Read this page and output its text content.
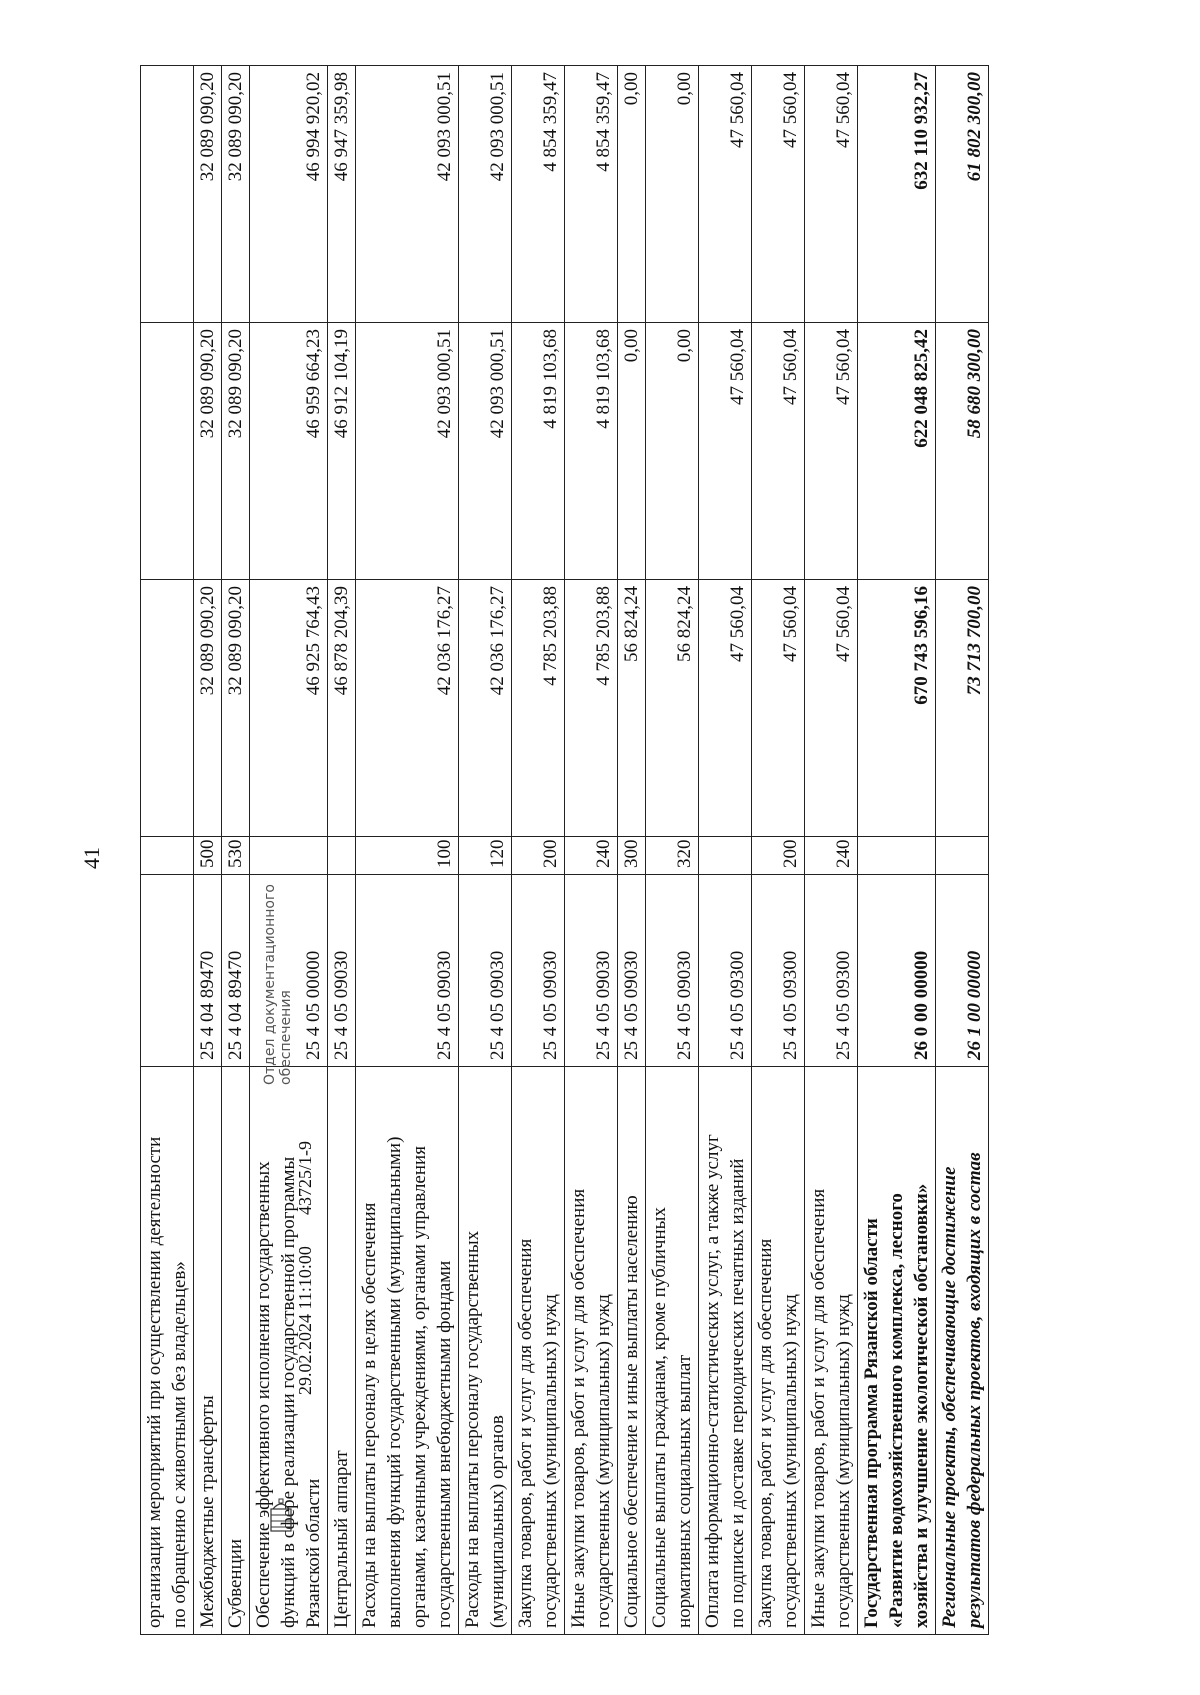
41
организации мероприятий при осуществлении деятельности
по обращению с животными без владельцев»					
Межбюджетные трансферты	25 4 04 89470	500	32 089 090,20	32 089 090,20	32 089 090,20
Субвенции	25 4 04 89470	530	32 089 090,20	32 089 090,20	32 089 090,20
Обеспечение эффективного исполнения государственных
функций в сфере реализации государственной программы
Рязанской области	25 4 05 00000		46 925 764,43	46 959 664,23	46 994 920,02
Центральный аппарат	25 4 05 09030		46 878 204,39	46 912 104,19	46 947 359,98
Расходы на выплаты персоналу в целях обеспечения
выполнения функций государственными (муниципальными)
органами, казенными учреждениями, органами управления
государственными внебюджетными фондами	25 4 05 09030	100	42 036 176,27	42 093 000,51	42 093 000,51
Расходы на выплаты персоналу государственных
(муниципальных) органов	25 4 05 09030	120	42 036 176,27	42 093 000,51	42 093 000,51
Закупка товаров, работ и услуг для обеспечения
государственных (муниципальных) нужд	25 4 05 09030	200	4 785 203,88	4 819 103,68	4 854 359,47
Иные закупки товаров, работ и услуг для обеспечения
государственных (муниципальных) нужд	25 4 05 09030	240	4 785 203,88	4 819 103,68	4 854 359,47
Социальное обеспечение и иные выплаты населению	25 4 05 09030	300	56 824,24	0,00	0,00
Социальные выплаты гражданам, кроме публичных
нормативных социальных выплат	25 4 05 09030	320	56 824,24	0,00	0,00
Оплата информационно-статистических услуг, а также услуг
по подписке и доставке периодических печатных изданий	25 4 05 09300		47 560,04	47 560,04	47 560,04
Закупка товаров, работ и услуг для обеспечения
государственных (муниципальных) нужд	25 4 05 09300	200	47 560,04	47 560,04	47 560,04
Иные закупки товаров, работ и услуг для обеспечения
государственных (муниципальных) нужд	25 4 05 09300	240	47 560,04	47 560,04	47 560,04
Государственная программа Рязанской области
«Развитие водохозяйственного комплекса, лесного
хозяйства и улучшение экологической обстановки»	26 0 00 00000		670 743 596,16	622 048 825,42	632 110 932,27
Региональные проекты, обеспечивающие достижение
результатов федеральных проектов, входящих в состав	26 1 00 00000		73 713 700,00	58 680 300,00	61 802 300,00
Отдел документационного обеспечения
29.02.2024 11:10:00
43725/1-9
